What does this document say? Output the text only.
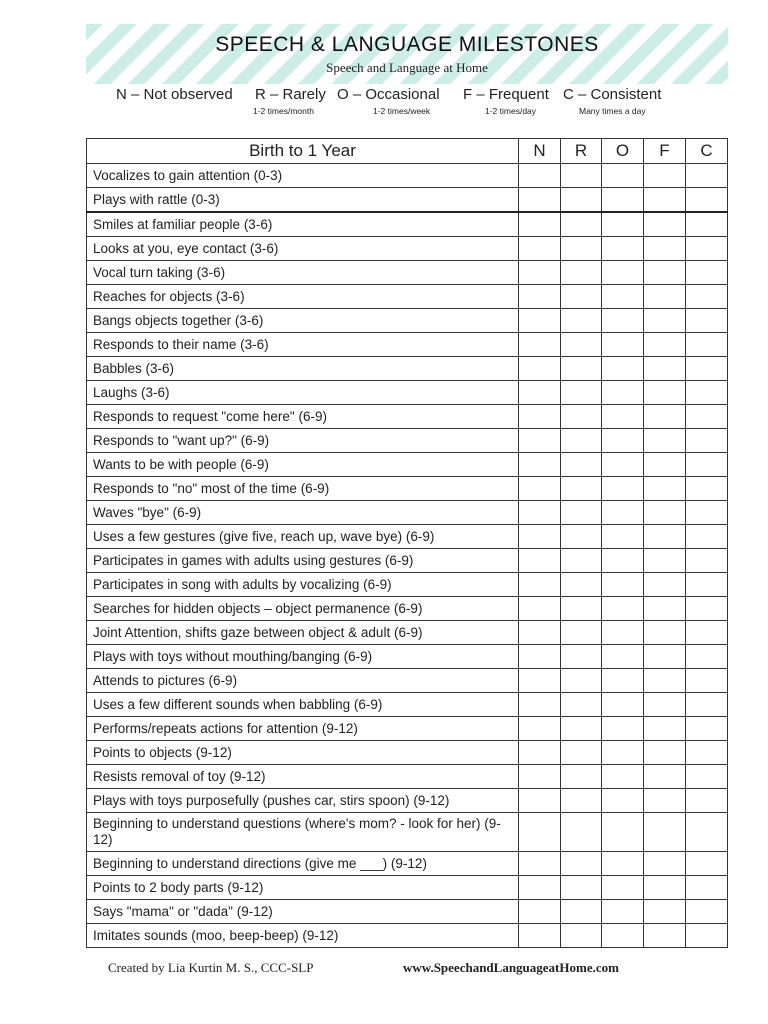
SPEECH & LANGUAGE MILESTONES
Speech and Language at Home
N – Not observed R – Rarely
1-2 times/month
O – Occasional
1-2 times/week
F – Frequent
1-2 times/day
C – Consistent
Many times a day
Birth to 1 Year	N	R	O	F	C
Vocalizes to gain attention (0-3)					
Plays with rattle (0-3)					
Smiles at familiar people (3-6)					
Looks at you, eye contact (3-6)					
Vocal turn taking (3-6)					
Reaches for objects (3-6)					
Bangs objects together (3-6)					
Responds to their name (3-6)					
Babbles (3-6)					
Laughs (3-6)					
Responds to request "come here" (6-9)					
Responds to "want up?" (6-9)					
Wants to be with people (6-9)					
Responds to "no" most of the time (6-9)					
Waves "bye" (6-9)					
Uses a few gestures (give five, reach up, wave bye) (6-9)					
Participates in games with adults using gestures (6-9)					
Participates in song with adults by vocalizing (6-9)					
Searches for hidden objects – object permanence (6-9)					
Joint Attention, shifts gaze between object & adult (6-9)					
Plays with toys without mouthing/banging (6-9)					
Attends to pictures (6-9)					
Uses a few different sounds when babbling (6-9)					
Performs/repeats actions for attention (9-12)					
Points to objects (9-12)					
Resists removal of toy (9-12)					
Plays with toys purposefully (pushes car, stirs spoon) (9-12)					
Beginning to understand questions (where's mom? - look for her) (9-12)					
Beginning to understand directions (give me ___) (9-12)					
Points to 2 body parts (9-12)					
Says "mama" or "dada" (9-12)					
Imitates sounds (moo, beep-beep) (9-12)					
Created by Lia Kurtin M. S., CCC-SLP	www.SpeechandLanguageatHome.com
